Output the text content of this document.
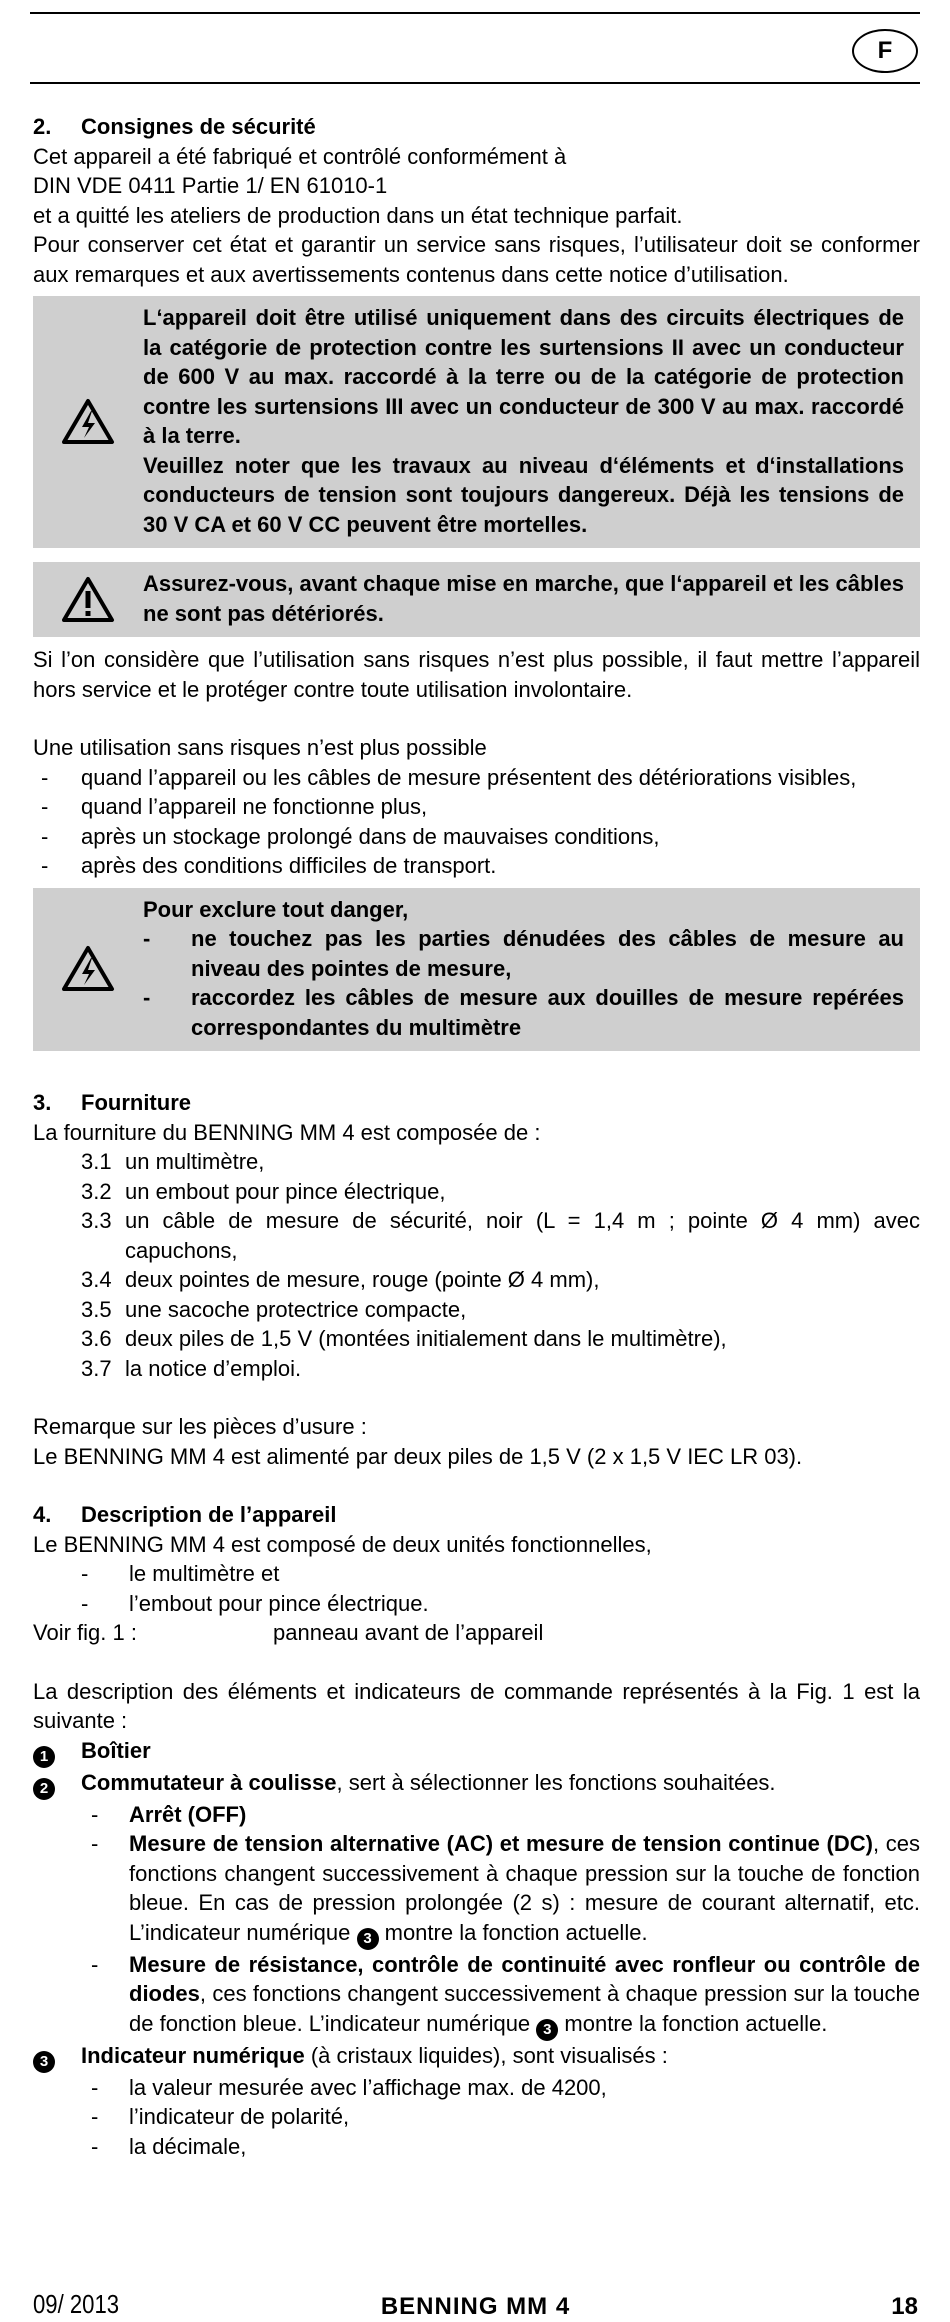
F
2. Consignes de sécurité

Cet appareil a été fabriqué et contrôlé conformément à

DIN VDE 0411 Partie 1/ EN 61010-1

et a quitté les ateliers de production dans un état technique parfait.

Pour conserver cet état et garantir un service sans risques, l’utilisateur doit se conformer aux remarques et aux avertissements contenus dans cette notice d’utilisation.

L‘appareil doit être utilisé uniquement dans des circuits électriques de la catégorie de protection contre les surtensions II avec un conducteur de 600 V au max. raccordé à la terre ou de la catégorie de protection contre les surtensions III avec un conducteur de 300 V au max. raccordé à la terre.

Veuillez noter que les travaux au niveau d‘éléments et d‘installations conducteurs de tension sont toujours dangereux. Déjà les tensions de 30 V CA et 60 V CC peuvent être mortelles.

Assurez-vous, avant chaque mise en marche, que l‘appareil et les câbles ne sont pas détériorés.

Si l’on considère que l’utilisation sans risques n’est plus possible, il faut mettre l’appareil hors service et le protéger contre toute utilisation involontaire.

Une utilisation sans risques n’est plus possible

-	quand l’appareil ou les câbles de mesure présentent des détériorations visibles,
-	quand l’appareil ne fonctionne plus,
-	après un stockage prolongé dans de mauvaises conditions,
-	après des conditions difficiles de transport.

Pour exclure tout danger,

-	ne touchez pas les parties dénudées des câbles de mesure au niveau des pointes de mesure,
-	raccordez les câbles de mesure aux douilles de mesure repérées correspondantes du multimètre
3. Fourniture

La fourniture du BENNING MM 4 est composée de :

3.1 un multimètre,
3.2 un embout pour pince électrique,
3.3 un câble de mesure de sécurité, noir (L = 1,4 m ; pointe Ø 4 mm) avec capuchons,
3.4 deux pointes de mesure, rouge (pointe Ø 4 mm),
3.5 une sacoche protectrice compacte,
3.6 deux piles de 1,5 V (montées initialement dans le multimètre),
3.7 la notice d’emploi.

Remarque sur les pièces d’usure :

Le BENNING MM 4 est alimenté par deux piles de 1,5 V (2 x 1,5 V IEC LR 03).

4. Description de l’appareil

Le BENNING MM 4 est composé de deux unités fonctionnelles,

-	le multimètre et
-	l’embout pour pince électrique.

Voir fig. 1 :	panneau avant de l’appareil

La description des éléments et indicateurs de commande représentés à la Fig. 1 est la suivante :

1	Boîtier
2	Commutateur à coulisse, sert à sélectionner les fonctions souhaitées.
-	Arrêt (OFF)
-	Mesure de tension alternative (AC) et mesure de tension continue (DC), ces fonctions changent successivement à chaque pression sur la touche de fonction bleue. En cas de pression prolongée (2 s) : mesure de courant alternatif, etc. L’indicateur numérique 3 montre la fonction actuelle.
-	Mesure de résistance, contrôle de continuité avec ronfleur ou contrôle de diodes, ces fonctions changent successivement à chaque pression sur la touche de fonction bleue. L’indicateur numérique 3 montre la fonction actuelle.
3	Indicateur numérique (à cristaux liquides), sont visualisés :
-	la valeur mesurée avec l’affichage max. de 4200,
-	l’indicateur de polarité,
-	la décimale,
09/ 2013	BENNING MM 4	18
